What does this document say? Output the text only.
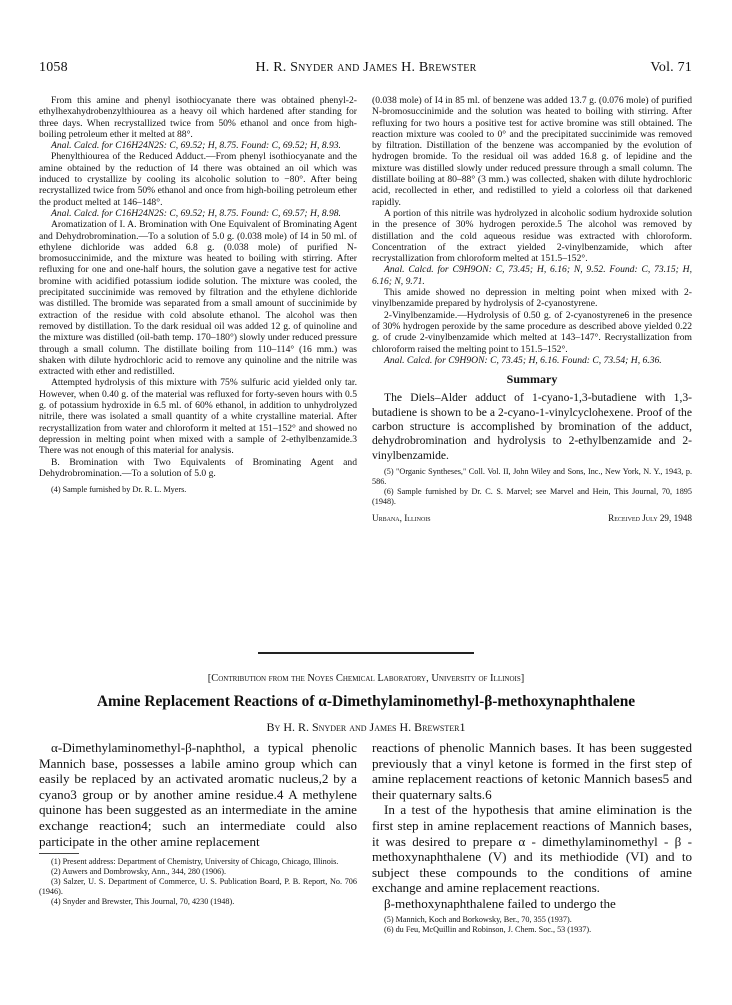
1058	H. R. Snyder and James H. Brewster	Vol. 71

From this amine and phenyl isothiocyanate there was obtained phenyl-2-ethylhexahydrobenzylthiourea as a heavy oil which hardened after standing for three days. When recrystallized twice from 50% ethanol and once from high-boiling petroleum ether it melted at 88°.

Anal. Calcd. for C16H24N2S: C, 69.52; H, 8.75. Found: C, 69.52; H, 8.93.

Phenylthiourea of the Reduced Adduct.—From phenyl isothiocyanate and the amine obtained by the reduction of I4 there was obtained an oil which was induced to crystallize by cooling its alcoholic solution to −80°. After being recrystallized twice from 50% ethanol and once from high-boiling petroleum ether the product melted at 146–148°.

Anal. Calcd. for C16H24N2S: C, 69.52; H, 8.75. Found: C, 69.57; H, 8.98.

Aromatization of I. A. Bromination with One Equivalent of Brominating Agent and Dehydrobromination.—To a solution of 5.0 g. (0.038 mole) of I4 in 50 ml. of ethylene dichloride was added 6.8 g. (0.038 mole) of purified N-bromosuccinimide, and the mixture was heated to boiling with stirring. After refluxing for one and one-half hours, the solution gave a negative test for active bromine with acidified potassium iodide solution. The mixture was cooled, the precipitated succinimide was removed by filtration and the ethylene dichloride was distilled. The bromide was separated from a small amount of succinimide by extraction of the residue with cold absolute ethanol. The alcohol was then removed by distillation. To the dark residual oil was added 12 g. of quinoline and the mixture was distilled (oil-bath temp. 170–180°) slowly under reduced pressure through a small column. The distillate boiling from 110–114° (16 mm.) was shaken with dilute hydrochloric acid to remove any quinoline and the nitrile was extracted with ether and redistilled.

Attempted hydrolysis of this mixture with 75% sulfuric acid yielded only tar. However, when 0.40 g. of the material was refluxed for forty-seven hours with 0.5 g. of potassium hydroxide in 6.5 ml. of 60% ethanol, in addition to unhydrolyzed nitrile, there was isolated a small quantity of a white crystalline material. After recrystallization from water and chloroform it melted at 151–152° and showed no depression in melting point when mixed with a sample of 2-ethylbenzamide.3 There was not enough of this material for analysis.

B. Bromination with Two Equivalents of Brominating Agent and Dehydrobromination.—To a solution of 5.0 g.

(4) Sample furnished by Dr. R. L. Myers.

(0.038 mole) of I4 in 85 ml. of benzene was added 13.7 g. (0.076 mole) of purified N-bromosuccinimide and the solution was heated to boiling with stirring. After refluxing for two hours a positive test for active bromine was still obtained. The reaction mixture was cooled to 0° and the precipitated succinimide was removed by filtration. Distillation of the benzene was accompanied by the evolution of hydrogen bromide. To the residual oil was added 16.8 g. of lepidine and the mixture was distilled slowly under reduced pressure through a small column. The distillate boiling at 80–88° (3 mm.) was collected, shaken with dilute hydrochloric acid, recollected in ether, and redistilled to yield a colorless oil that darkened rapidly.

A portion of this nitrile was hydrolyzed in alcoholic sodium hydroxide solution in the presence of 30% hydrogen peroxide.5 The alcohol was removed by distillation and the cold aqueous residue was extracted with chloroform. Concentration of the extract yielded 2-vinylbenzamide, which after recrystallization from chloroform melted at 151.5–152°.

Anal. Calcd. for C9H9ON: C, 73.45; H, 6.16; N, 9.52. Found: C, 73.15; H, 6.16; N, 9.71.

This amide showed no depression in melting point when mixed with 2-vinylbenzamide prepared by hydrolysis of 2-cyanostyrene.

2-Vinylbenzamide.—Hydrolysis of 0.50 g. of 2-cyanostyrene6 in the presence of 30% hydrogen peroxide by the same procedure as described above yielded 0.22 g. of crude 2-vinylbenzamide which melted at 143–147°. Recrystallization from chloroform raised the melting point to 151.5–152°.

Anal. Calcd. for C9H9ON: C, 73.45; H, 6.16. Found: C, 73.54; H, 6.36.

Summary

The Diels–Alder adduct of 1-cyano-1,3-butadiene with 1,3-butadiene is shown to be a 2-cyano-1-vinylcyclohexene. Proof of the carbon structure is accomplished by bromination of the adduct, dehydrobromination and hydrolysis to 2-ethylbenzamide and 2-vinylbenzamide.

(5) "Organic Syntheses," Coll. Vol. II, John Wiley and Sons, Inc., New York, N. Y., 1943, p. 586.

(6) Sample furnished by Dr. C. S. Marvel; see Marvel and Hein, This Journal, 70, 1895 (1948).

Urbana, Illinois	Received July 29, 1948
[Contribution from the Noyes Chemical Laboratory, University of Illinois]
Amine Replacement Reactions of α-Dimethylaminomethyl-β-methoxynaphthalene
By H. R. Snyder and James H. Brewster1

α-Dimethylaminomethyl-β-naphthol, a typical phenolic Mannich base, possesses a labile amino group which can easily be replaced by an activated aromatic nucleus,2 by a cyano3 group or by another amine residue.4 A methylene quinone has been suggested as an intermediate in the amine exchange reaction4; such an intermediate could also participate in the other amine replacement

(1) Present address: Department of Chemistry, University of Chicago, Chicago, Illinois.

(2) Auwers and Dombrowsky, Ann., 344, 280 (1906).

(3) Salzer, U. S. Department of Commerce, U. S. Publication Board, P. B. Report, No. 706 (1946).

(4) Snyder and Brewster, This Journal, 70, 4230 (1948).

reactions of phenolic Mannich bases. It has been suggested previously that a vinyl ketone is formed in the first step of amine replacement reactions of ketonic Mannich bases5 and their quaternary salts.6

In a test of the hypothesis that amine elimination is the first step in amine replacement reactions of Mannich bases, it was desired to prepare α - dimethylaminomethyl - β - methoxynaphthalene (V) and its methiodide (VI) and to subject these compounds to the conditions of amine exchange and amine replacement reactions.

β-methoxynaphthalene failed to undergo the

(5) Mannich, Koch and Borkowsky, Ber., 70, 355 (1937).

(6) du Feu, McQuillin and Robinson, J. Chem. Soc., 53 (1937).
